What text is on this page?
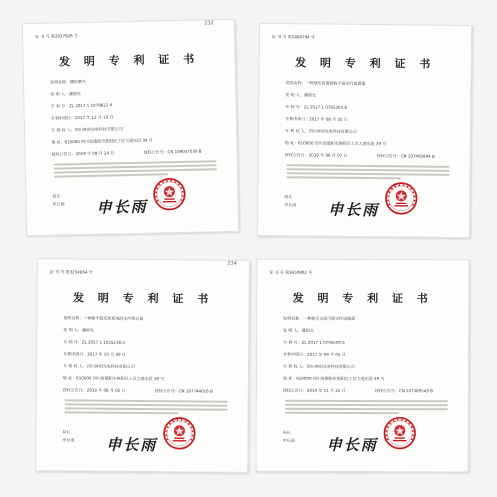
证 书 号 第2037626 号
232
发 明 专 利 证 书
发明名称：螺形磨头
发 明 人：潘国光
专 利 号：ZL 2017 1 1079621.4
专利申请日：2017 年 12 月 10 日
专 利 权 人：四川神剑光电科技有限公司
地 址：610000 四川省德阳市旌阳区工区大道东段 39 号
授权公告日：2019 年 09 月 24 日	授权公告号：CN 109037530 B
局长
申长雨 申长雨
证 书 号 第2404794 号
发 明 专 利 证 书
发明名称：一种球形前置钢板平面光纤放置器
发 明 人：潘国光
专 利 号：ZL 2017 1 0765303.8
专利申请日：2017 年 08 月 25 日
专 利 权 人：四川神剑光电科技有限公司
地 址：610000 四川省德阳市旌阳区工区大道东段 39 号
授权公告日：2019 年 06 月 07 日	授权公告号：CN 107462894 B
局长
申长雨 申长雨
证 书 号 第3254864 号
234
发 明 专 利 证 书
发明名称：一种能平稳变焦系统的光纤组合器
发 明 人：潘国光
专 利 号：ZL 2017 1 1055138.3
专利申请日：2017 年 10 月 30 日
专 利 权 人：四川神剑光电科技有限公司
地 址：610000 四川省德阳市旌阳区工区大道东段 39 号
授权公告日：2019 年 08 月 02 日	授权公告号：CN 107744016 B
局长
申长雨 申长雨
证 书 号 第3650892 号
发 明 专 利 证 书
发明名称：一种激光光源可调光纤成像器
发 明 人：潘国光
专 利 号：ZL 2017 1 0795500.5
专利申请日：2017 年 09 月 05 日
专 利 权 人：四川神剑光电科技有限公司
地 址：610000 四川省德阳市旌阳区工区大道东段 39 号
授权公告日：2019 年 11 月 22 日	授权公告号：CN 107589549 B
局长
申长雨 申长雨
